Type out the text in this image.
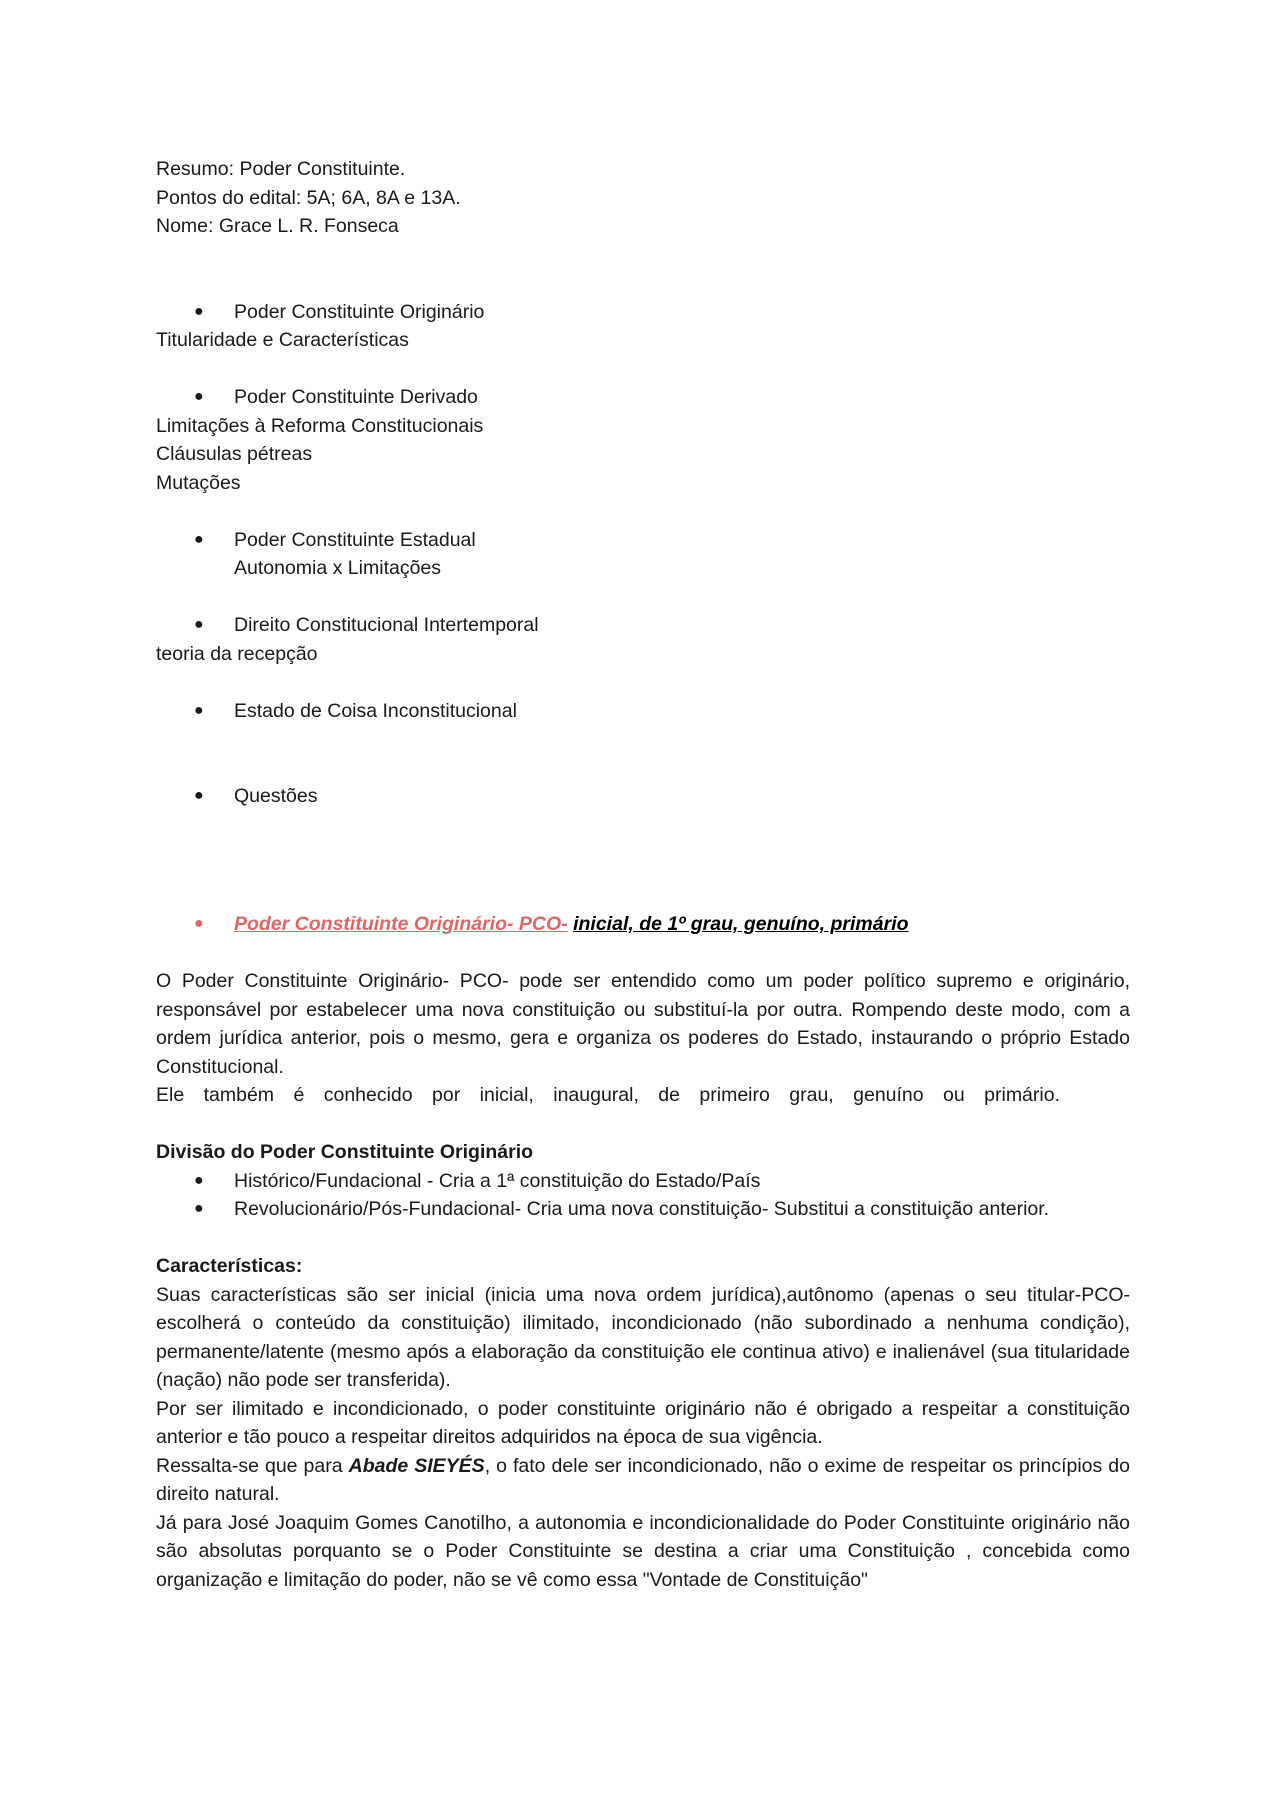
Resumo: Poder Constituinte.
Pontos do edital: 5A; 6A, 8A e 13A.
Nome: Grace L. R. Fonseca
● Poder Constituinte Originário
Titularidade e Características
● Poder Constituinte Derivado
Limitações à Reforma Constitucionais
Cláusulas pétreas
Mutações
● Poder Constituinte Estadual
Autonomia x Limitações
● Direito Constitucional Intertemporal
teoria da recepção
● Estado de Coisa Inconstitucional
● Questões
● Poder Constituinte Originário- PCO- inicial, de 1º grau, genuíno, primário
O Poder Constituinte Originário- PCO- pode ser entendido como um poder político supremo e originário, responsável por estabelecer uma nova constituição ou substituí-la por outra. Rompendo deste modo, com a ordem jurídica anterior, pois o mesmo, gera e organiza os poderes do Estado, instaurando o próprio Estado Constitucional.
Ele também é conhecido por inicial, inaugural, de primeiro grau, genuíno ou primário.
Divisão do Poder Constituinte Originário
● Histórico/Fundacional - Cria a 1ª constituição do Estado/País
● Revolucionário/Pós-Fundacional- Cria uma nova constituição- Substitui a constituição anterior.
Características:
Suas características são ser inicial (inicia uma nova ordem jurídica),autônomo (apenas o seu titular-PCO- escolherá o conteúdo da constituição) ilimitado, incondicionado (não subordinado a nenhuma condição), permanente/latente (mesmo após a elaboração da constituição ele continua ativo) e inalienável (sua titularidade (nação) não pode ser transferida).
Por ser ilimitado e incondicionado, o poder constituinte originário não é obrigado a respeitar a constituição anterior e tão pouco a respeitar direitos adquiridos na época de sua vigência.
Ressalta-se que para Abade SIEYÉS, o fato dele ser incondicionado, não o exime de respeitar os princípios do direito natural.
Já para José Joaquim Gomes Canotilho, a autonomia e incondicionalidade do Poder Constituinte originário não são absolutas porquanto se o Poder Constituinte se destina a criar uma Constituição , concebida como organização e limitação do poder, não se vê como essa "Vontade de Constituição"
